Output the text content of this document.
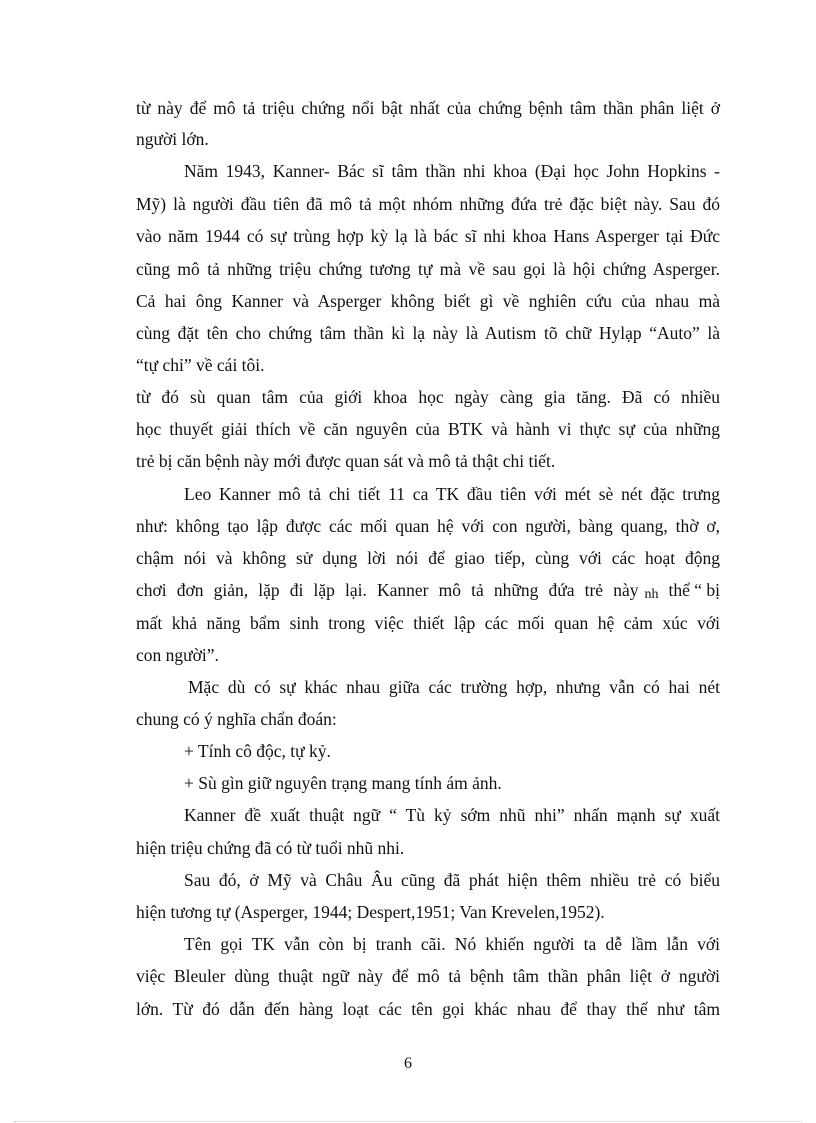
từ này để mô tả triệu chứng nổi bật nhất của chứng bệnh tâm thần phân liệt ở
người lớn.
Năm 1943, Kanner- Bác sĩ tâm thần nhi khoa (Đại học John Hopkins -
Mỹ) là người đầu tiên đã mô tả một nhóm những đứa trẻ đặc biệt này. Sau đó
vào năm 1944 có sự trùng hợp kỳ lạ là bác sĩ nhi khoa Hans Asperger tại Đức
cũng mô tả những triệu chứng tương tự mà về sau gọi là hội chứng Asperger.
Cả hai ông Kanner và Asperger không biết gì về nghiên cứu của nhau mà
cùng đặt tên cho chứng tâm thần kì lạ này là Autism tõ chữ Hylạp “Auto” là
“tự chỉ” về cái tôi.
từ đó sù quan tâm của giới khoa học ngày càng gia tăng. Đã có nhiều
học thuyết giải thích về căn nguyên của BTK và hành vi thực sự của những
trẻ bị căn bệnh này mới được quan sát và mô tả thật chi tiết.
Leo Kanner mô tả chi tiết 11 ca TK đầu tiên với mét sè nét đặc trưng
như: không tạo lập được các mối quan hệ với con người, bàng quang, thờ ơ,
chậm nói và không sử dụng lời nói để giao tiếp, cùng với các hoạt động
chơi đơn giản, lặp đi lặp lại. Kanner mô tả những đứa trẻ này nh thể “ bị
mất khả năng bẩm sinh trong việc thiết lập các mối quan hệ cảm xúc với
con người”.
Mặc dù có sự khác nhau giữa các trường hợp, nhưng vẫn có hai nét
chung có ý nghĩa chẩn đoán:
+ Tính cô độc, tự kỷ.
+ Sù gìn giữ nguyên trạng mang tính ám ảnh.
Kanner đề xuất thuật ngữ “ Tù kỷ sớm nhũ nhi” nhấn mạnh sự xuất
hiện triệu chứng đã có từ tuổi nhũ nhi.
Sau đó, ở Mỹ và Châu Âu cũng đã phát hiện thêm nhiều trẻ có biểu
hiện tương tự (Asperger, 1944; Despert,1951; Van Krevelen,1952).
Tên gọi TK vẫn còn bị tranh cãi. Nó khiến người ta dễ lầm lẫn với
việc Bleuler dùng thuật ngữ này để mô tả bệnh tâm thần phân liệt ở người
lớn. Từ đó dẫn đến hàng loạt các tên gọi khác nhau để thay thế như tâm
6
